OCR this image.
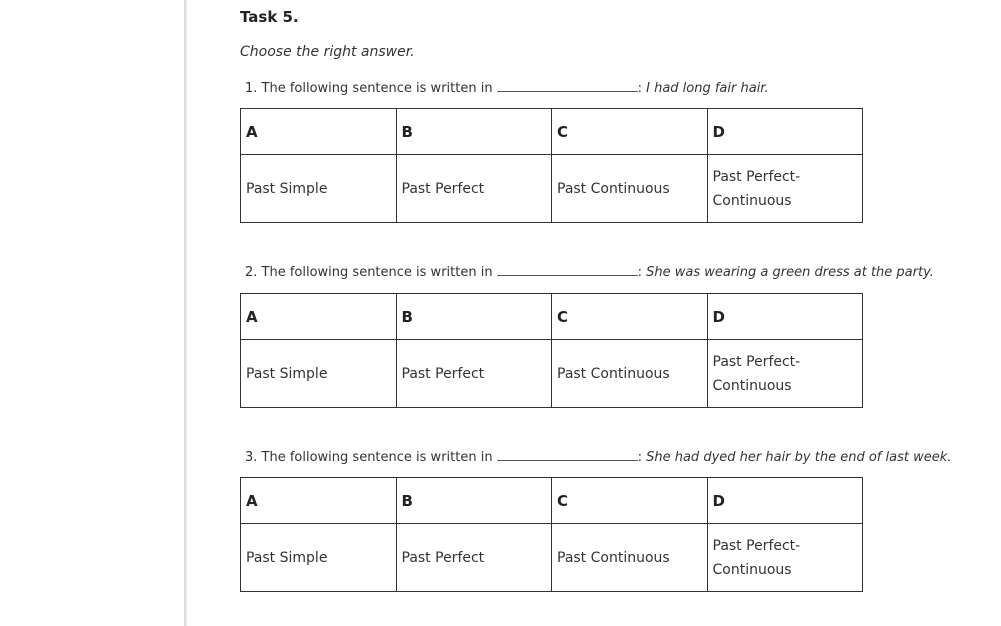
Task 5.
Choose the right answer.
1. The following sentence is written in	: I had long fair hair.
A	B	C	D
Past Simple	Past Perfect	Past Continuous	Past Perfect-Continuous
2. The following sentence is written in	: She was wearing a green dress at the party.
A	B	C	D
Past Simple	Past Perfect	Past Continuous	Past Perfect-Continuous
3. The following sentence is written in	: She had dyed her hair by the end of last week.
A	B	C	D
Past Simple	Past Perfect	Past Continuous	Past Perfect-Continuous
